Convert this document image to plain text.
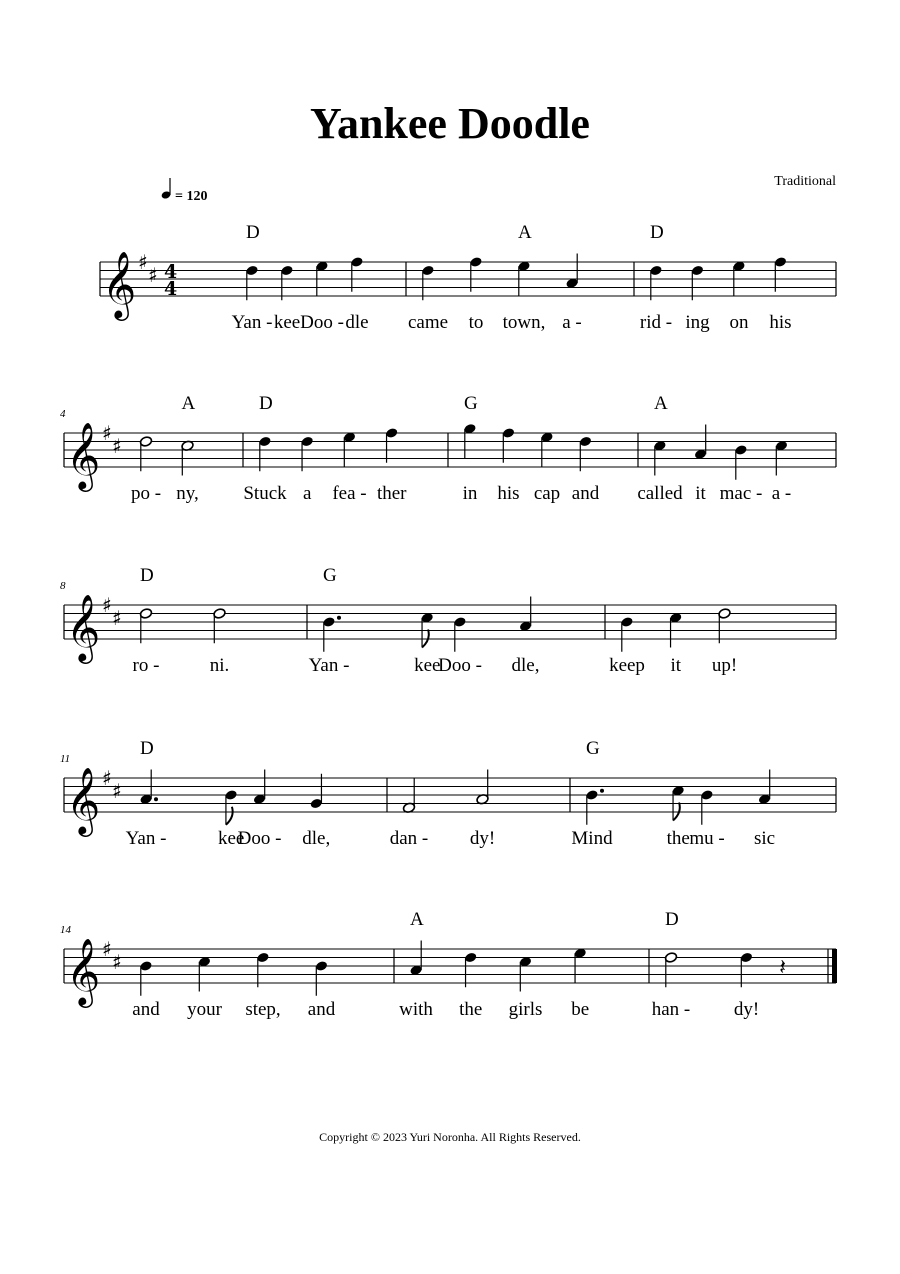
Yankee Doodle
Traditional
Copyright © 2023 Yuri Noronha. All Rights Reserved.
𝄞 ♯
♯ 4
4
D
Yan - kee Doo - dle
A
came to town, a -
D
rid - ing on his
= 120
𝄞 ♯
♯
4	A
po - ny,
D
Stuck a fea - ther
G
in his cap and
A
called it mac - a -
𝄞 ♯
♯
8	D
ro -	ni.
G
Yan -	kee
Doo - dle,	keep it up!
𝄞 ♯
♯
11	D
Yan -	kee
Doo - dle,	dan - dy!
G
Mind	the mu - sic
𝄞 ♯
♯
14
and your step, and
A
with the girls be
𝄽
D
han - dy!
